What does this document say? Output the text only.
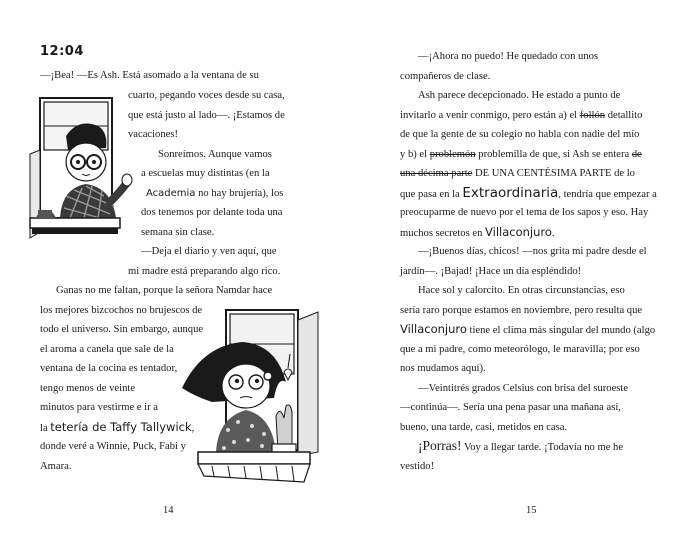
12:04
—¡Bea! —Es Ash. Está asomado a la ventana de su
cuarto, pegando voces desde su casa,
que está justo al lado—. ¡Estamos de
vacaciones!
Sonreímos. Aunque vamos
a escuelas muy distintas (en la
Academia no hay brujería), los
dos tenemos por delante toda una
semana sin clase.
—Deja el diario y ven aquí, que
mi madre está preparando algo rico.
Ganas no me faltan, porque la señora Namdar hace
los mejores bizcochos no brujescos de
todo el universo. Sin embargo, aunque
el aroma a canela que sale de la
ventana de la cocina es tentador,
tengo menos de veinte
minutos para vestirme e ir a
la tetería de Taffy Tallywick,
donde veré a Winnie, Puck, Fabi y
Amara.
14
—¡Ahora no puedo! He quedado con unos
compañeros de clase.
Ash parece decepcionado. He estado a punto de
invitarlo a venir conmigo, pero están a) el follón detallito
de que la gente de su colegio no habla con nadie del mío
y b) el problemón problemilla de que, si Ash se entera de
una décima parte DE UNA CENTÉSIMA PARTE de lo
que pasa en la Extraordinaria, tendría que empezar a
preocuparme de nuevo por el tema de los sapos y eso. Hay
muchos secretos en Villaconjuro.
—¡Buenos días, chicos! —nos grita mi padre desde el
jardín—. ¡Bajad! ¡Hace un día espléndido!
Hace sol y calorcito. En otras circunstancias, eso
sería raro porque estamos en noviembre, pero resulta que
Villaconjuro tiene el clima más singular del mundo (algo
que a mi padre, como meteorólogo, le maravilla; por eso
nos mudamos aquí).
—Veintitrés grados Celsius con brisa del suroeste
—continúa—. Sería una pena pasar una mañana así,
bueno, una tarde, casi, metidos en casa.
¡Porras! Voy a llegar tarde. ¡Todavía no me he
vestido!
15
